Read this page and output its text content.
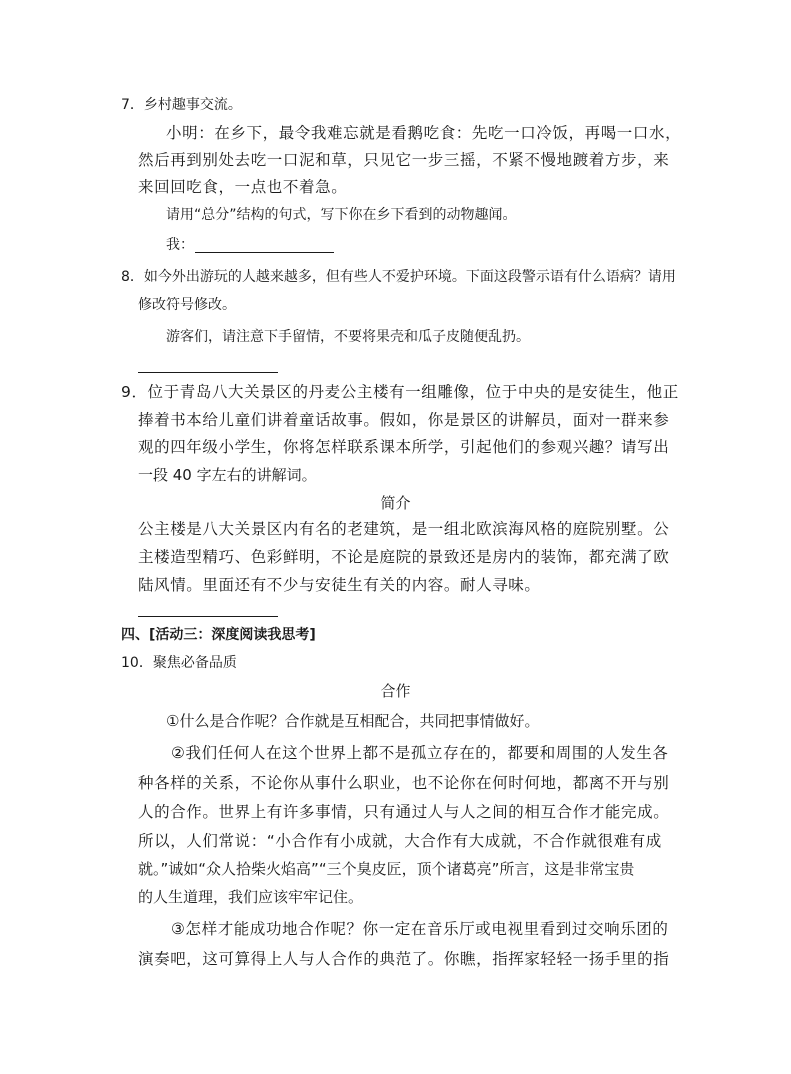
7．乡村趣事交流。
小明：在乡下，最令我难忘就是看鹅吃食：先吃一口冷饭，再喝一口水，
然后再到别处去吃一口泥和草，只见它一步三摇，不紧不慢地踱着方步，来
来回回吃食，一点也不着急。
请用“总分”结构的句式，写下你在乡下看到的动物趣闻。
我：
8．如今外出游玩的人越来越多，但有些人不爱护环境。下面这段警示语有什么语病？请用
修改符号修改。
游客们，请注意下手留情，不要将果壳和瓜子皮随便乱扔。
9．位于青岛八大关景区的丹麦公主楼有一组雕像，位于中央的是安徒生，他正
捧着书本给儿童们讲着童话故事。假如，你是景区的讲解员，面对一群来参
观的四年级小学生，你将怎样联系课本所学，引起他们的参观兴趣？请写出
一段 40 字左右的讲解词。
简介
公主楼是八大关景区内有名的老建筑，是一组北欧滨海风格的庭院别墅。公
主楼造型精巧、色彩鲜明，不论是庭院的景致还是房内的装饰，都充满了欧
陆风情。里面还有不少与安徒生有关的内容。耐人寻味。
四、[活动三：深度阅读我思考]
10．聚焦必备品质
合作
①什么是合作呢？合作就是互相配合，共同把事情做好。
②我们任何人在这个世界上都不是孤立存在的，都要和周围的人发生各
种各样的关系，不论你从事什么职业，也不论你在何时何地，都离不开与别
人的合作。世界上有许多事情，只有通过人与人之间的相互合作才能完成。
所以，人们常说：“小合作有小成就，大合作有大成就，不合作就很难有成
就。”诚如“众人拾柴火焰高”“三个臭皮匠，顶个诸葛亮”所言，这是非常宝贵
的人生道理，我们应该牢牢记住。
③怎样才能成功地合作呢？你一定在音乐厅或电视里看到过交响乐团的
演奏吧，这可算得上人与人合作的典范了。你瞧，指挥家轻轻一扬手里的指
